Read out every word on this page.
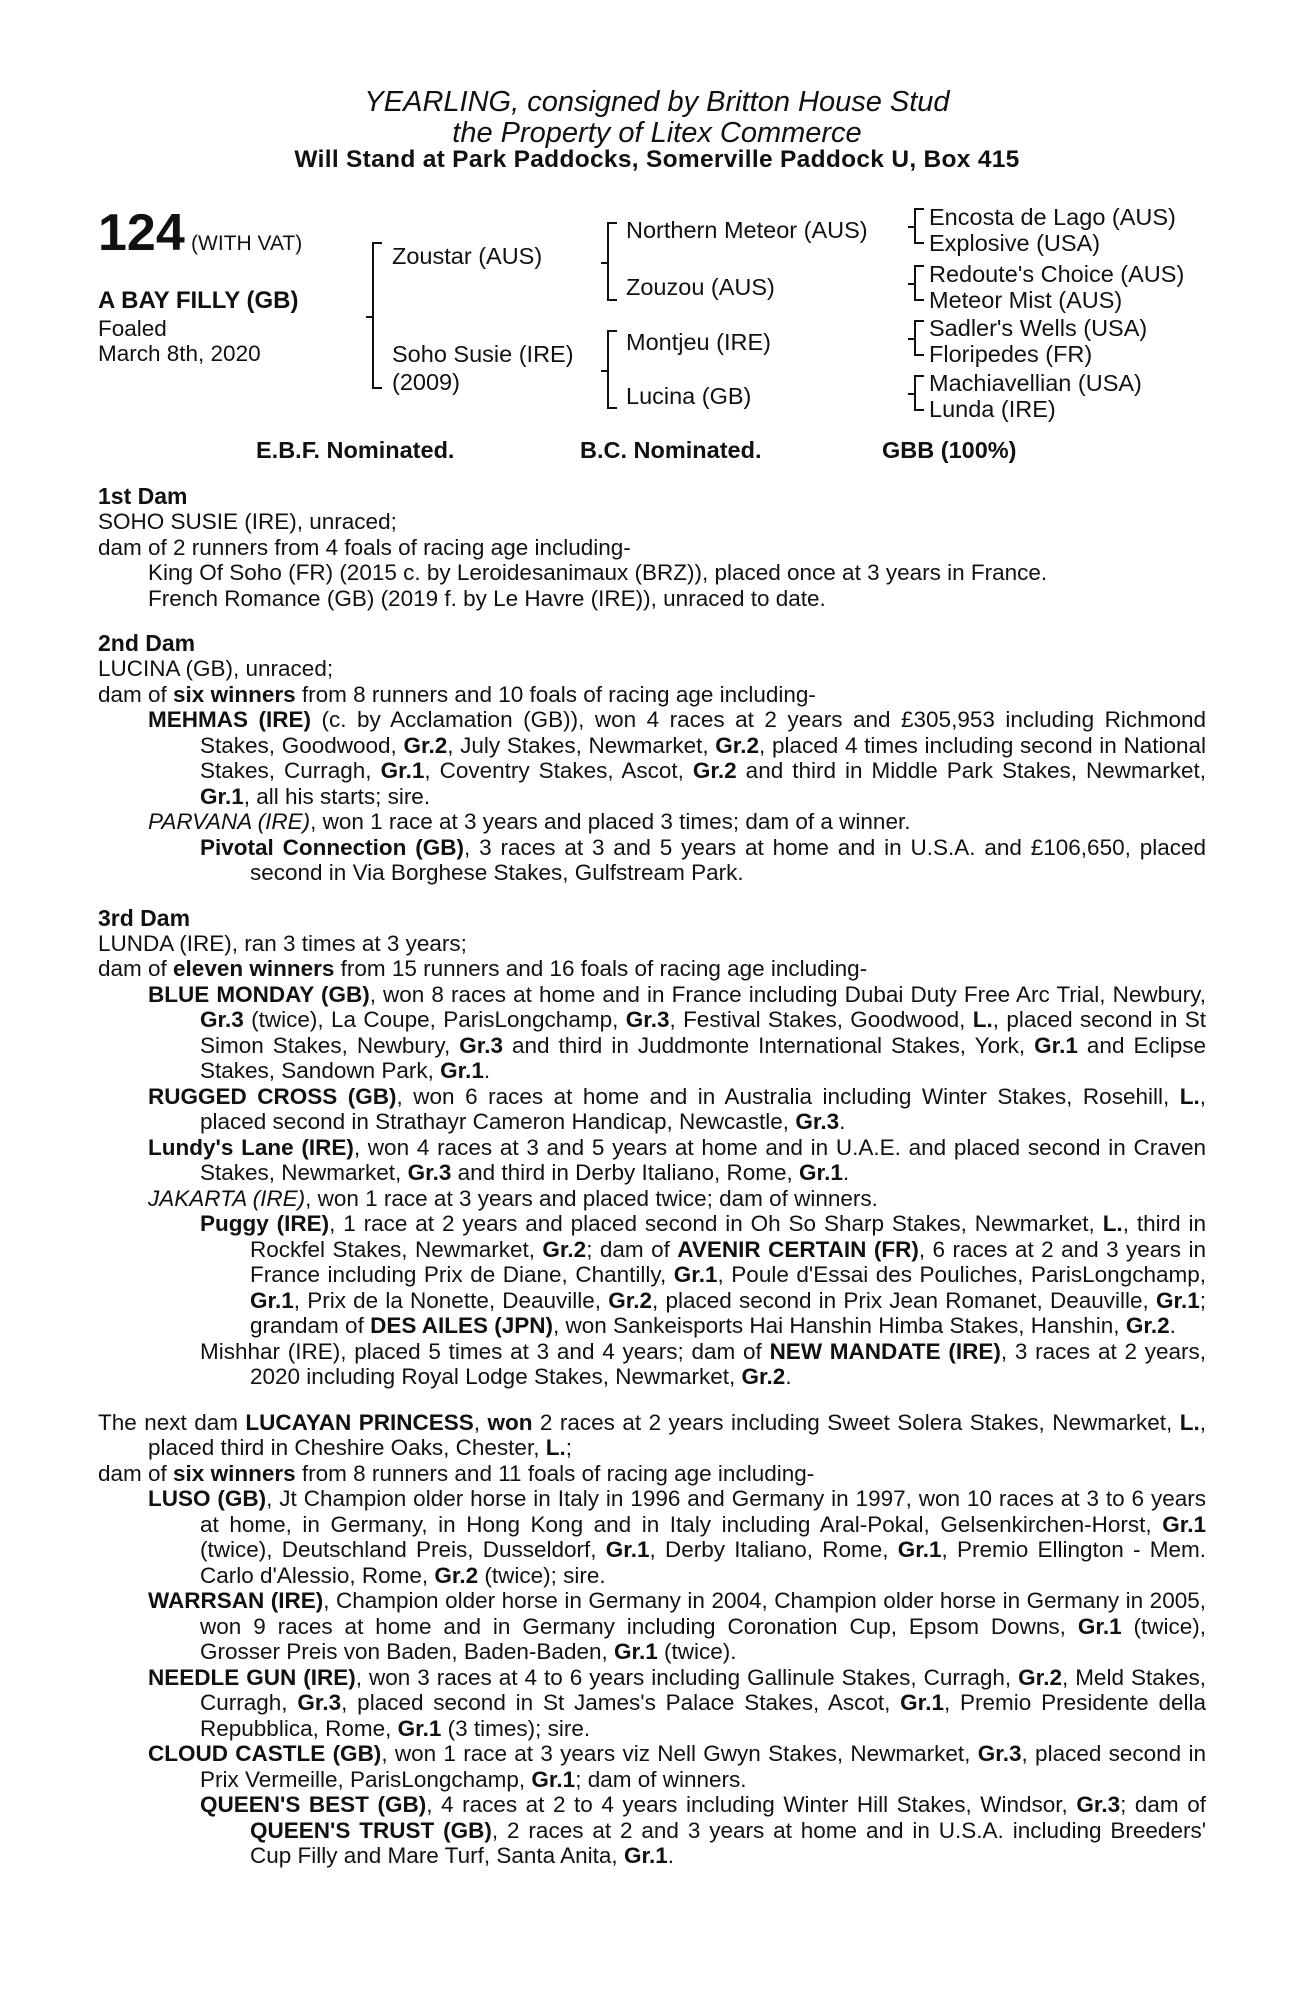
YEARLING, consigned by Britton House Stud
the Property of Litex Commerce
Will Stand at Park Paddocks, Somerville Paddock U, Box 415
124 (WITH VAT)
A BAY FILLY (GB)
Foaled
March 8th, 2020
Zoustar (AUS)
Soho Susie (IRE)
(2009)
Northern Meteor (AUS)
Zouzou (AUS)
Montjeu (IRE)
Lucina (GB)
Encosta de Lago (AUS)
Explosive (USA)
Redoute's Choice (AUS)
Meteor Mist (AUS)
Sadler's Wells (USA)
Floripedes (FR)
Machiavellian (USA)
Lunda (IRE)
E.B.F. Nominated.	B.C. Nominated.	GBB (100%)
1st Dam

SOHO SUSIE (IRE), unraced;

dam of 2 runners from 4 foals of racing age including-

King Of Soho (FR) (2015 c. by Leroidesanimaux (BRZ)), placed once at 3 years in France.

French Romance (GB) (2019 f. by Le Havre (IRE)), unraced to date.

2nd Dam

LUCINA (GB), unraced;

dam of six winners from 8 runners and 10 foals of racing age including-

MEHMAS (IRE) (c. by Acclamation (GB)), won 4 races at 2 years and £305,953 including Richmond Stakes, Goodwood, Gr.2, July Stakes, Newmarket, Gr.2, placed 4 times including second in National Stakes, Curragh, Gr.1, Coventry Stakes, Ascot, Gr.2 and third in Middle Park Stakes, Newmarket, Gr.1, all his starts; sire.

PARVANA (IRE), won 1 race at 3 years and placed 3 times; dam of a winner.

Pivotal Connection (GB), 3 races at 3 and 5 years at home and in U.S.A. and £106,650, placed second in Via Borghese Stakes, Gulfstream Park.

3rd Dam

LUNDA (IRE), ran 3 times at 3 years;

dam of eleven winners from 15 runners and 16 foals of racing age including-

BLUE MONDAY (GB), won 8 races at home and in France including Dubai Duty Free Arc Trial, Newbury, Gr.3 (twice), La Coupe, ParisLongchamp, Gr.3, Festival Stakes, Goodwood, L., placed second in St Simon Stakes, Newbury, Gr.3 and third in Juddmonte International Stakes, York, Gr.1 and Eclipse Stakes, Sandown Park, Gr.1.

RUGGED CROSS (GB), won 6 races at home and in Australia including Winter Stakes, Rosehill, L., placed second in Strathayr Cameron Handicap, Newcastle, Gr.3.

Lundy's Lane (IRE), won 4 races at 3 and 5 years at home and in U.A.E. and placed second in Craven Stakes, Newmarket, Gr.3 and third in Derby Italiano, Rome, Gr.1.

JAKARTA (IRE), won 1 race at 3 years and placed twice; dam of winners.

Puggy (IRE), 1 race at 2 years and placed second in Oh So Sharp Stakes, Newmarket, L., third in Rockfel Stakes, Newmarket, Gr.2; dam of AVENIR CERTAIN (FR), 6 races at 2 and 3 years in France including Prix de Diane, Chantilly, Gr.1, Poule d'Essai des Pouliches, ParisLongchamp, Gr.1, Prix de la Nonette, Deauville, Gr.2, placed second in Prix Jean Romanet, Deauville, Gr.1; grandam of DES AILES (JPN), won Sankeisports Hai Hanshin Himba Stakes, Hanshin, Gr.2.

Mishhar (IRE), placed 5 times at 3 and 4 years; dam of NEW MANDATE (IRE), 3 races at 2 years, 2020 including Royal Lodge Stakes, Newmarket, Gr.2.

The next dam LUCAYAN PRINCESS, won 2 races at 2 years including Sweet Solera Stakes, Newmarket, L., placed third in Cheshire Oaks, Chester, L.;

dam of six winners from 8 runners and 11 foals of racing age including-

LUSO (GB), Jt Champion older horse in Italy in 1996 and Germany in 1997, won 10 races at 3 to 6 years at home, in Germany, in Hong Kong and in Italy including Aral-Pokal, Gelsenkirchen-Horst, Gr.1 (twice), Deutschland Preis, Dusseldorf, Gr.1, Derby Italiano, Rome, Gr.1, Premio Ellington - Mem. Carlo d'Alessio, Rome, Gr.2 (twice); sire.

WARRSAN (IRE), Champion older horse in Germany in 2004, Champion older horse in Germany in 2005, won 9 races at home and in Germany including Coronation Cup, Epsom Downs, Gr.1 (twice), Grosser Preis von Baden, Baden-Baden, Gr.1 (twice).

NEEDLE GUN (IRE), won 3 races at 4 to 6 years including Gallinule Stakes, Curragh, Gr.2, Meld Stakes, Curragh, Gr.3, placed second in St James's Palace Stakes, Ascot, Gr.1, Premio Presidente della Repubblica, Rome, Gr.1 (3 times); sire.

CLOUD CASTLE (GB), won 1 race at 3 years viz Nell Gwyn Stakes, Newmarket, Gr.3, placed second in Prix Vermeille, ParisLongchamp, Gr.1; dam of winners.

QUEEN'S BEST (GB), 4 races at 2 to 4 years including Winter Hill Stakes, Windsor, Gr.3; dam of QUEEN'S TRUST (GB), 2 races at 2 and 3 years at home and in U.S.A. including Breeders' Cup Filly and Mare Turf, Santa Anita, Gr.1.
